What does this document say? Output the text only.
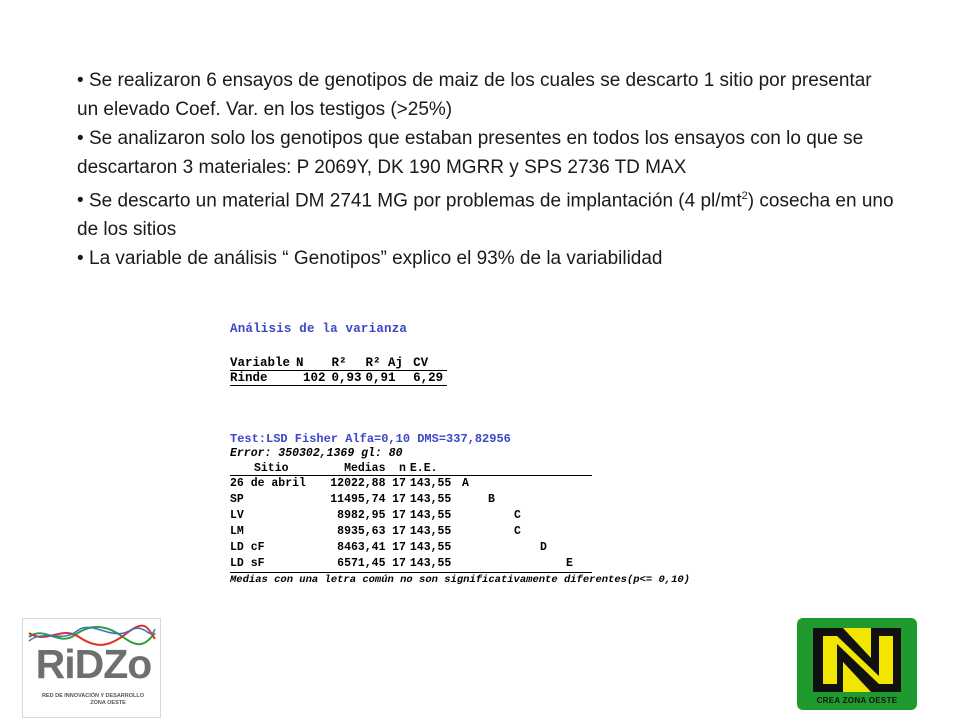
• Se realizaron 6 ensayos de genotipos de maiz de los cuales se descarto 1 sitio por presentar un elevado Coef. Var. en los testigos (>25%)
• Se analizaron solo los genotipos que estaban presentes en todos los ensayos con lo que se descartaron 3 materiales: P 2069Y, DK 190 MGRR y SPS 2736 TD MAX
• Se descarto un material DM 2741 MG por problemas de implantación (4 $pl/mt^2$) cosecha en uno de los sitios
• La variable de análisis “ Genotipos” explico el 93% de la variabilidad
Análisis de la varianza
Variable	N	R²	R² Aj	CV
Rinde	102	0,93	0,91	6,29
Test:LSD Fisher Alfa=0,10 DMS=337,82956
Error: 350302,1369 gl: 80
Sitio	Medias	n	E.E.					
26 de abril	12022,88	17	143,55	A				
SP	11495,74	17	143,55		B			
LV	8982,95	17	143,55			C		
LM	8935,63	17	143,55			C		
LD cF	8463,41	17	143,55				D	
LD sF	6571,45	17	143,55					E
Medias con una letra común no son significativamente diferentes(p<= 0,10)
RiDZo
RED DE INNOVACIÓN Y DESARROLLO
ZONA OESTE	CREA ZONA OESTE
